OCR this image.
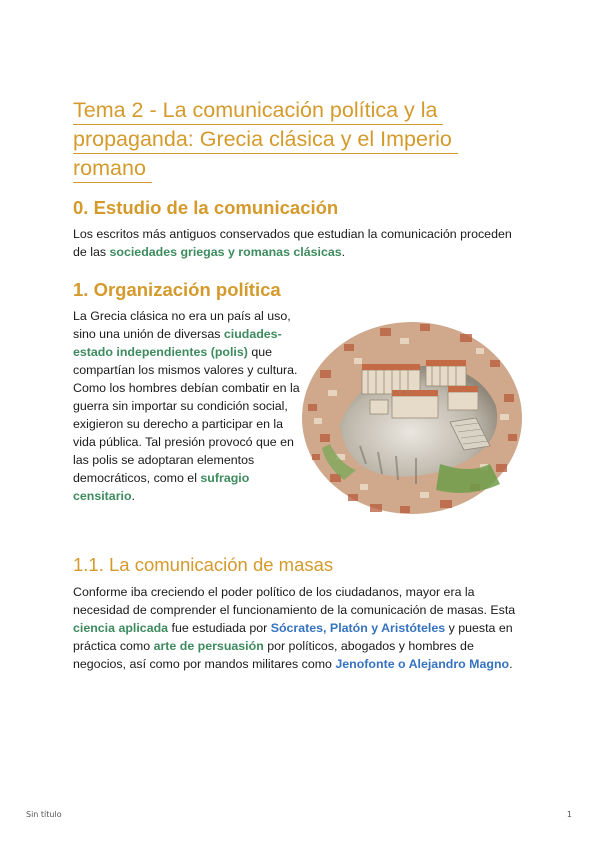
Tema 2 - La comunicación política y la
propaganda: Grecia clásica y el Imperio
romano
0. Estudio de la comunicación

Los escritos más antiguos conservados que estudian la comunicación proceden de las sociedades griegas y romanas clásicas.

1. Organización política

La Grecia clásica no era un país al uso, sino una unión de diversas ciudades-estado independientes (polis) que compartían los mismos valores y cultura. Como los hombres debían combatir en la guerra sin importar su condición social, exigieron su derecho a participar en la vida pública. Tal presión provocó que en las polis se adoptaran elementos democráticos, como el sufragio censitario.

1.1. La comunicación de masas

Conforme iba creciendo el poder político de los ciudadanos, mayor era la necesidad de comprender el funcionamiento de la comunicación de masas. Esta ciencia aplicada fue estudiada por Sócrates, Platón y Aristóteles y puesta en práctica como arte de persuasión por políticos, abogados y hombres de negocios, así como por mandos militares como Jenofonte o Alejandro Magno.

Sin título	1
